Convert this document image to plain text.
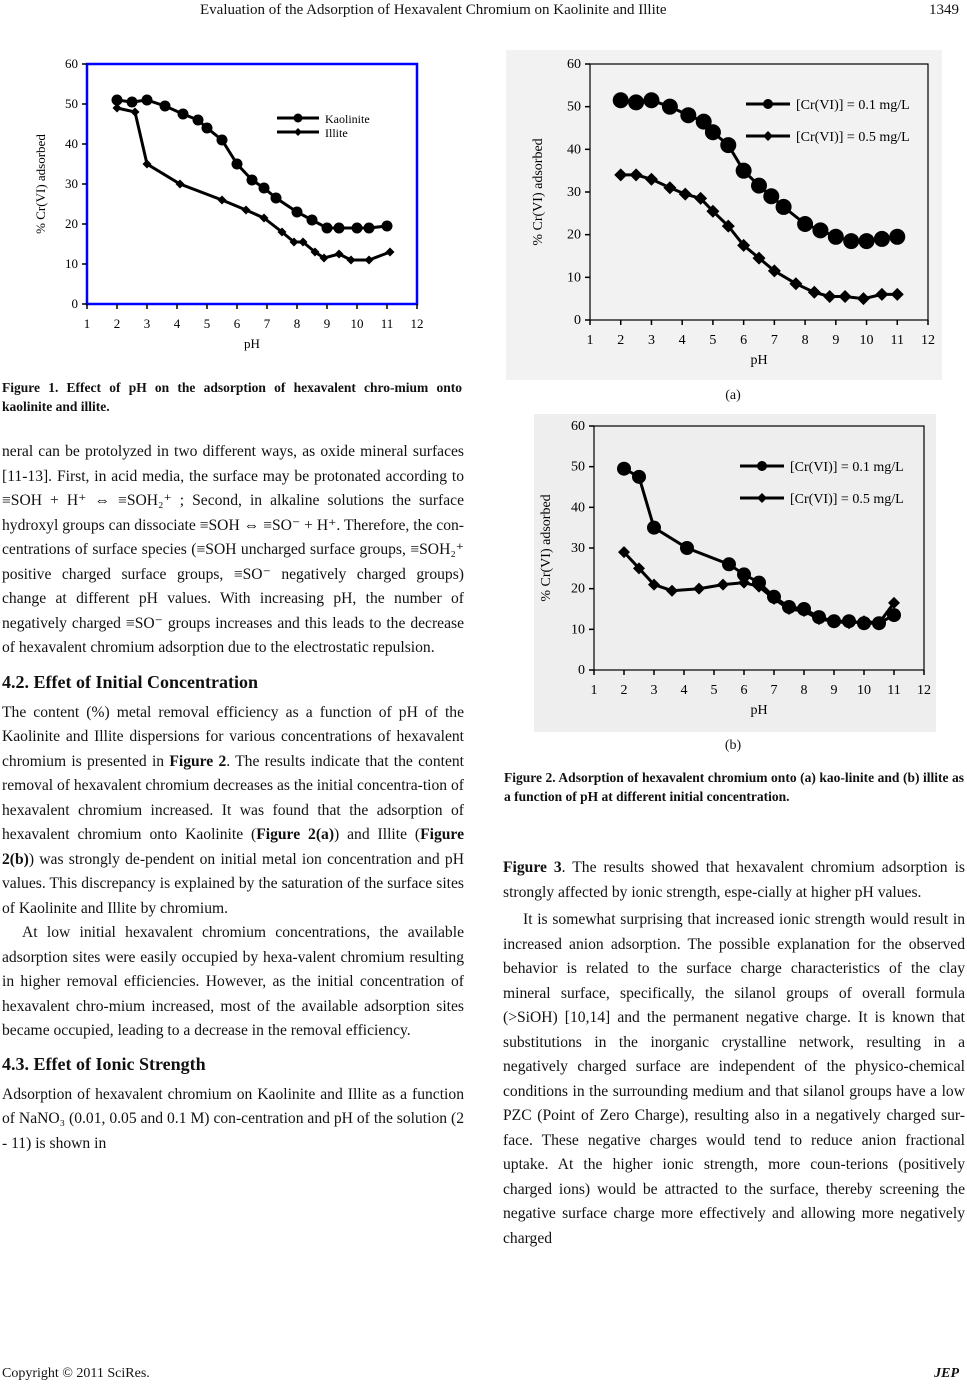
Evaluation of the Adsorption of Hexavalent Chromium on Kaolinite and Illite	1349
0
10
20
30
40
50
60
1 2 3 4 5 6 7 8 9 10 11 12
pH
% Cr(VI) adsorbed
Kaolinite
Illite
Figure 1. Effect of pH on the adsorption of hexavalent chro-mium onto kaolinite and illite.
0
10
20
30
40
50
60
1 2 3 4 5 6 7 8 9 10 11 12
pH
% Cr(VI) adsorbed
[Cr(VI)] = 0.1 mg/L
[Cr(VI)] = 0.5 mg/L
(a)
0
10
20
30
40
50
60
1 2 3 4 5 6 7 8 9 10 11 12
pH
% Cr(VI) adsorbed
[Cr(VI)] = 0.1 mg/L
[Cr(VI)] = 0.5 mg/L
(b)
Figure 2. Adsorption of hexavalent chromium onto (a) kao-linite and (b) illite as a function of pH at different initial concentration.

neral can be protolyzed in two different ways, as oxide mineral surfaces [11-13]. First, in acid media, the surface may be protonated according to ≡SOH + H⁺ ⇔ ≡SOH₂⁺ ; Second, in alkaline solutions the surface hydroxyl groups can dissociate ≡SOH ⇔ ≡SO⁻ + H⁺. Therefore, the con-centrations of surface species (≡SOH uncharged surface groups, ≡SOH₂⁺ positive charged surface groups, ≡SO⁻ negatively charged groups) change at different pH values. With increasing pH, the number of negatively charged ≡SO⁻ groups increases and this leads to the decrease of hexavalent chromium adsorption due to the electrostatic repulsion.

4.2. Effet of Initial Concentration

The content (%) metal removal efficiency as a function of pH of the Kaolinite and Illite dispersions for various concentrations of hexavalent chromium is presented in Figure 2. The results indicate that the content removal of hexavalent chromium decreases as the initial concentra-tion of hexavalent chromium increased. It was found that the adsorption of hexavalent chromium onto Kaolinite (Figure 2(a)) and Illite (Figure 2(b)) was strongly de-pendent on initial metal ion concentration and pH values. This discrepancy is explained by the saturation of the surface sites of Kaolinite and Illite by chromium.

At low initial hexavalent chromium concentrations, the available adsorption sites were easily occupied by hexa-valent chromium resulting in higher removal efficiencies. However, as the initial concentration of hexavalent chro-mium increased, most of the available adsorption sites became occupied, leading to a decrease in the removal efficiency.

4.3. Effet of Ionic Strength

Adsorption of hexavalent chromium on Kaolinite and Illite as a function of NaNO₃ (0.01, 0.05 and 0.1 M) con-centration and pH of the solution (2 - 11) is shown in

Figure 3. The results showed that hexavalent chromium adsorption is strongly affected by ionic strength, espe-cially at higher pH values.

It is somewhat surprising that increased ionic strength would result in increased anion adsorption. The possible explanation for the observed behavior is related to the surface charge characteristics of the clay mineral surface, specifically, the silanol groups of overall formula (>SiOH) [10,14] and the permanent negative charge. It is known that substitutions in the inorganic crystalline network, resulting in a negatively charged surface are independent of the physico-chemical conditions in the surrounding medium and that silanol groups have a low PZC (Point of Zero Charge), resulting also in a negatively charged sur-face. These negative charges would tend to reduce anion fractional uptake. At the higher ionic strength, more coun-terions (positively charged ions) would be attracted to the surface, thereby screening the negative surface charge more effectively and allowing more negatively charged

Copyright © 2011 SciRes.	JEP
